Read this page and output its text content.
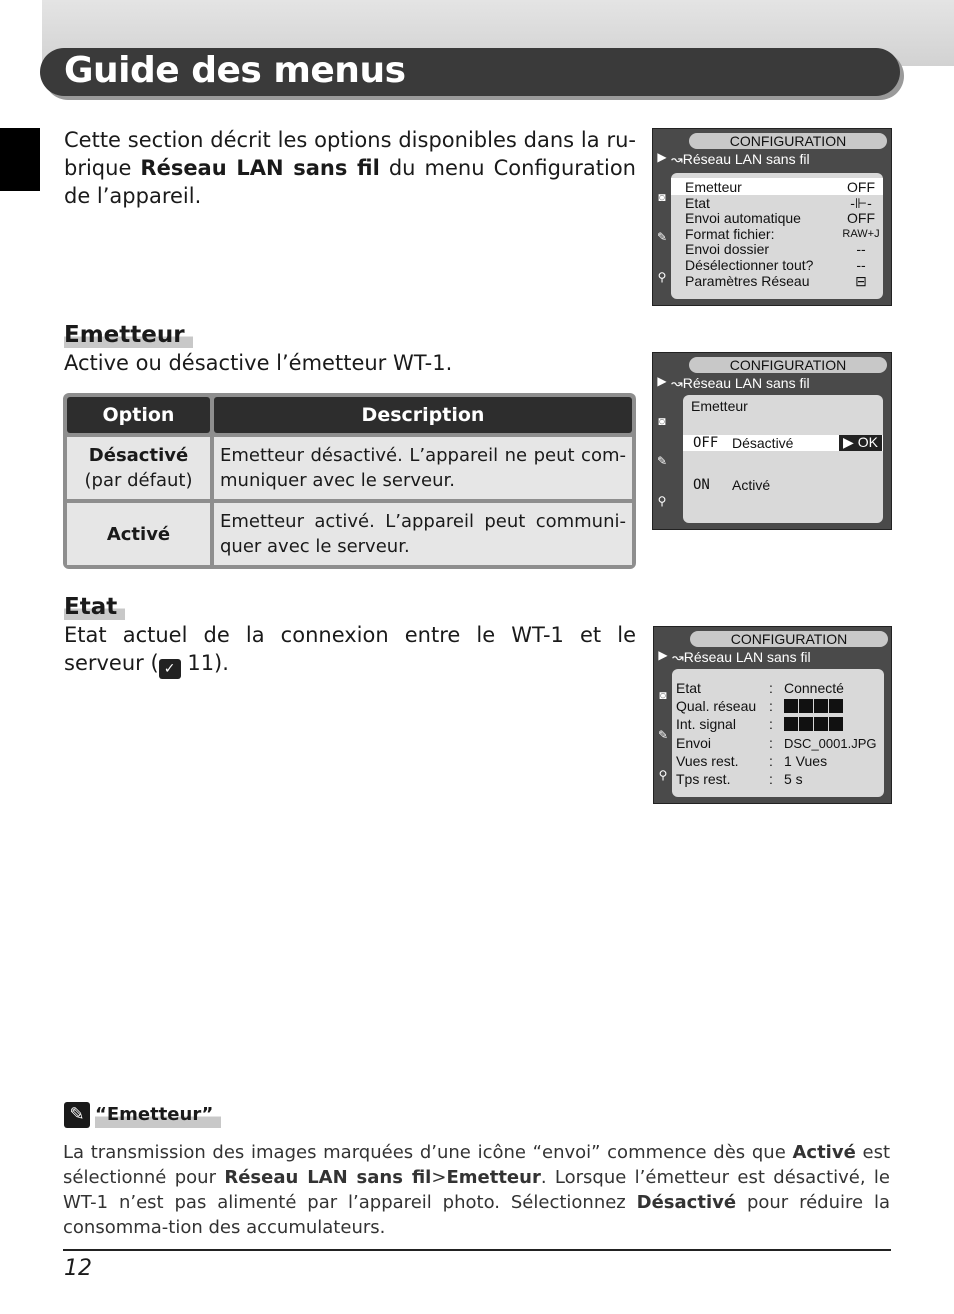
Guide des menus
Cette section décrit les options disponibles dans la ru-brique Réseau LAN sans fil du menu Configuration de l’appareil.
▶
◙
✎
⚲
CONFIGURATION
↝Réseau LAN sans fil
Emetteur	OFF
Etat	-⊩-
Envoi automatique	OFF
Format fichier:	RAW+J
Envoi dossier	--
Désélectionner tout?	--
Paramètres Réseau	⊟
Emetteur
Active ou désactive l’émetteur WT-1.
Option	Description
Désactivé
(par défaut)	Emetteur désactivé. L’appareil ne peut com-muniquer avec le serveur.
Activé	Emetteur activé. L’appareil peut communi-quer avec le serveur.
▶
◙
✎
⚲
CONFIGURATION
↝Réseau LAN sans fil
Emetteur
OFF Désactivé	▶ OK
ON Activé
Etat
Etat actuel de la connexion entre le WT-1 et le serveur ( ✓ 11).	▶
◙
✎
⚲
CONFIGURATION
↝Réseau LAN sans fil
Etat	: Connecté
Qual. réseau :
Int. signal :
Envoi	: DSC_0001.JPG
Vues rest. : 1 Vues
Tps rest.	: 5 s
✎ “Emetteur”
La transmission des images marquées d’une icône “envoi” commence dès que Activé est sélectionné pour Réseau LAN sans fil>Emetteur. Lorsque l’émetteur est désactivé, le WT-1 n’est pas alimenté par l’appareil photo. Sélectionnez Désactivé pour réduire la consomma-tion des accumulateurs.
12
